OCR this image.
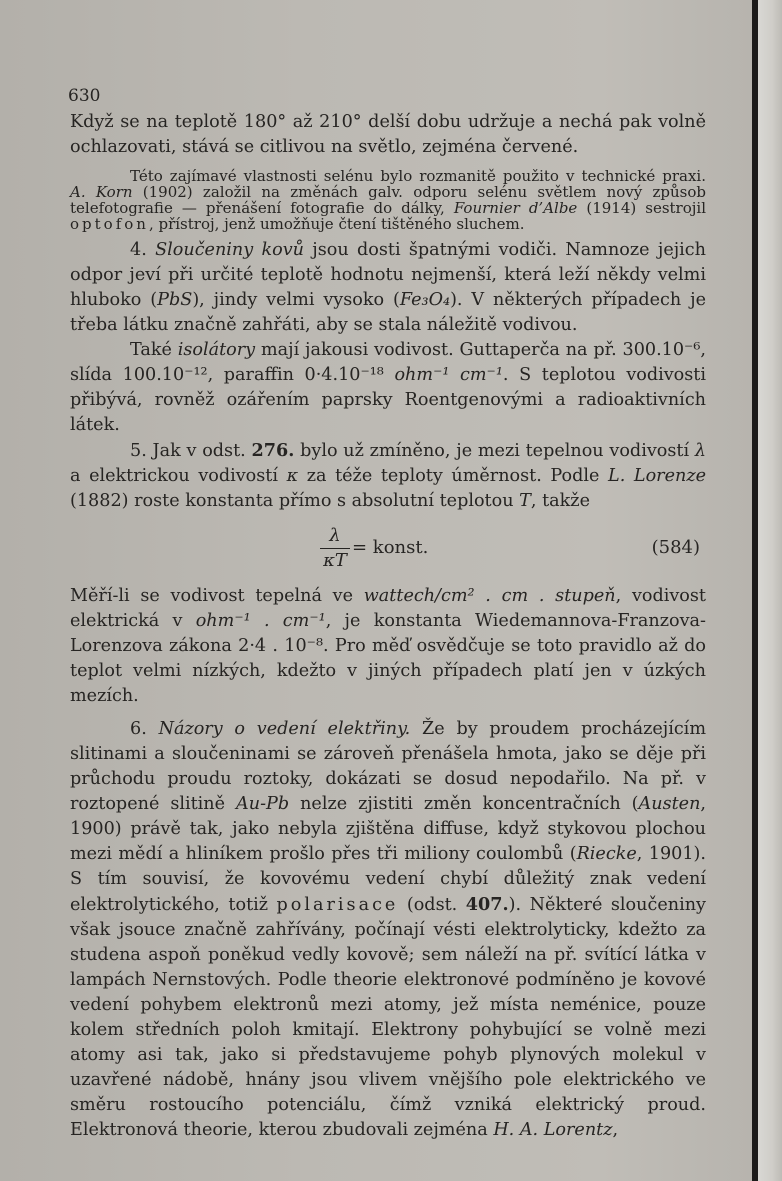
630

Když se na teplotě 180° až 210° delší dobu udržuje a nechá pak volně ochlazovati, stává se citlivou na světlo, zejména červené.

Této zajímavé vlastnosti selénu bylo rozmanitě použito v technické praxi. A. Korn (1902) založil na změnách galv. odporu selénu světlem nový způsob telefotografie — přenášení fotografie do dálky, Fournier d’Albe (1914) sestrojil optofon, přístroj, jenž umožňuje čtení tištěného sluchem.

4. Sloučeniny kovů jsou dosti špatnými vodiči. Namnoze jejich odpor jeví při určité teplotě hodnotu nejmenší, která leží někdy velmi hluboko (PbS), jindy velmi vysoko (Fe₃O₄). V některých případech je třeba látku značně zahřáti, aby se stala náležitě vodivou.

Také isolátory mají jakousi vodivost. Guttaperča na př. 300.10⁻⁶, slída 100.10⁻¹², paraffin 0·4.10⁻¹⁸ ohm⁻¹ cm⁻¹. S teplotou vodivosti přibývá, rovněž ozářením paprsky Roentgenovými a radioaktivních látek.

5. Jak v odst. 276. bylo už zmíněno, je mezi tepelnou vodivostí λ a elektrickou vodivostí κ za téže teploty úměrnost. Podle L. Lorenze (1882) roste konstanta přímo s absolutní teplotou T, takže

$\frac{\lambda}{\kappa T}$ = konst.	(584)

Měří-li se vodivost tepelná ve wattech/cm² . cm . stupeň, vodivost elektrická v ohm⁻¹ . cm⁻¹, je konstanta Wiedemannova-Franzova-Lorenzova zákona 2·4 . 10⁻⁸. Pro měď osvědčuje se toto pravidlo až do teplot velmi nízkých, kdežto v jiných případech platí jen v úzkých mezích.

6. Názory o vedení elektřiny. Že by proudem procházejícím slitinami a sloučeninami se zároveň přenášela hmota, jako se děje při průchodu proudu roztoky, dokázati se dosud nepodařilo. Na př. v roztopené slitině Au-Pb nelze zjistiti změn koncentračních (Austen, 1900) právě tak, jako nebyla zjištěna diffuse, když stykovou plochou mezi mědí a hliníkem prošlo přes tři miliony coulombů (Riecke, 1901). S tím souvisí, že kovovému vedení chybí důležitý znak vedení elektrolytického, totiž polarisace (odst. 407.). Některé sloučeniny však jsouce značně zahřívány, počínají vésti elektrolyticky, kdežto za studena aspoň poněkud vedly kovově; sem náleží na př. svítící látka v lampách Nernstových. Podle theorie elektronové podmíněno je kovové vedení pohybem elektronů mezi atomy, jež místa neménice, pouze kolem středních poloh kmitají. Elektrony pohybující se volně mezi atomy asi tak, jako si představujeme pohyb plynových molekul v uzavřené nádobě, hnány jsou vlivem vnějšího pole elektrického ve směru rostoucího potenciálu, čímž vzniká elektrický proud. Elektronová theorie, kterou zbudovali zejména H. A. Lorentz,
